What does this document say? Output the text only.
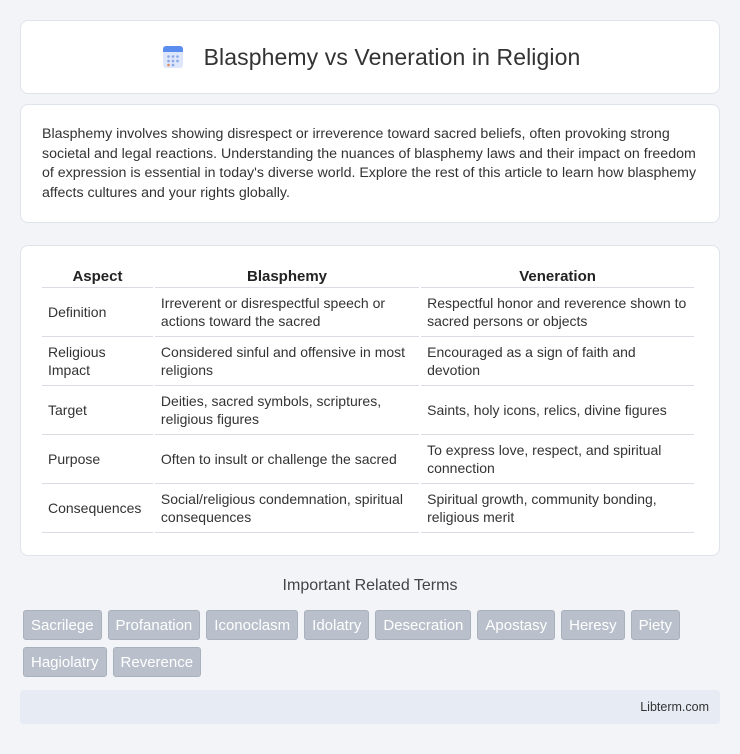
Blasphemy vs Veneration in Religion

Blasphemy involves showing disrespect or irreverence toward sacred beliefs, often provoking strong societal and legal reactions. Understanding the nuances of blasphemy laws and their impact on freedom of expression is essential in today's diverse world. Explore the rest of this article to learn how blasphemy affects cultures and your rights globally.

Aspect	Blasphemy	Veneration
Definition	Irreverent or disrespectful speech or actions toward the sacred	Respectful honor and reverence shown to sacred persons or objects
Religious Impact	Considered sinful and offensive in most religions	Encouraged as a sign of faith and devotion
Target	Deities, sacred symbols, scriptures, religious figures	Saints, holy icons, relics, divine figures
Purpose	Often to insult or challenge the sacred	To express love, respect, and spiritual connection
Consequences	Social/religious condemnation, spiritual consequences	Spiritual growth, community bonding, religious merit
Important Related Terms
Sacrilege	Profanation	Iconoclasm	Idolatry	Desecration	Apostasy	Heresy	Piety
Hagiolatry	Reverence
Libterm.com
